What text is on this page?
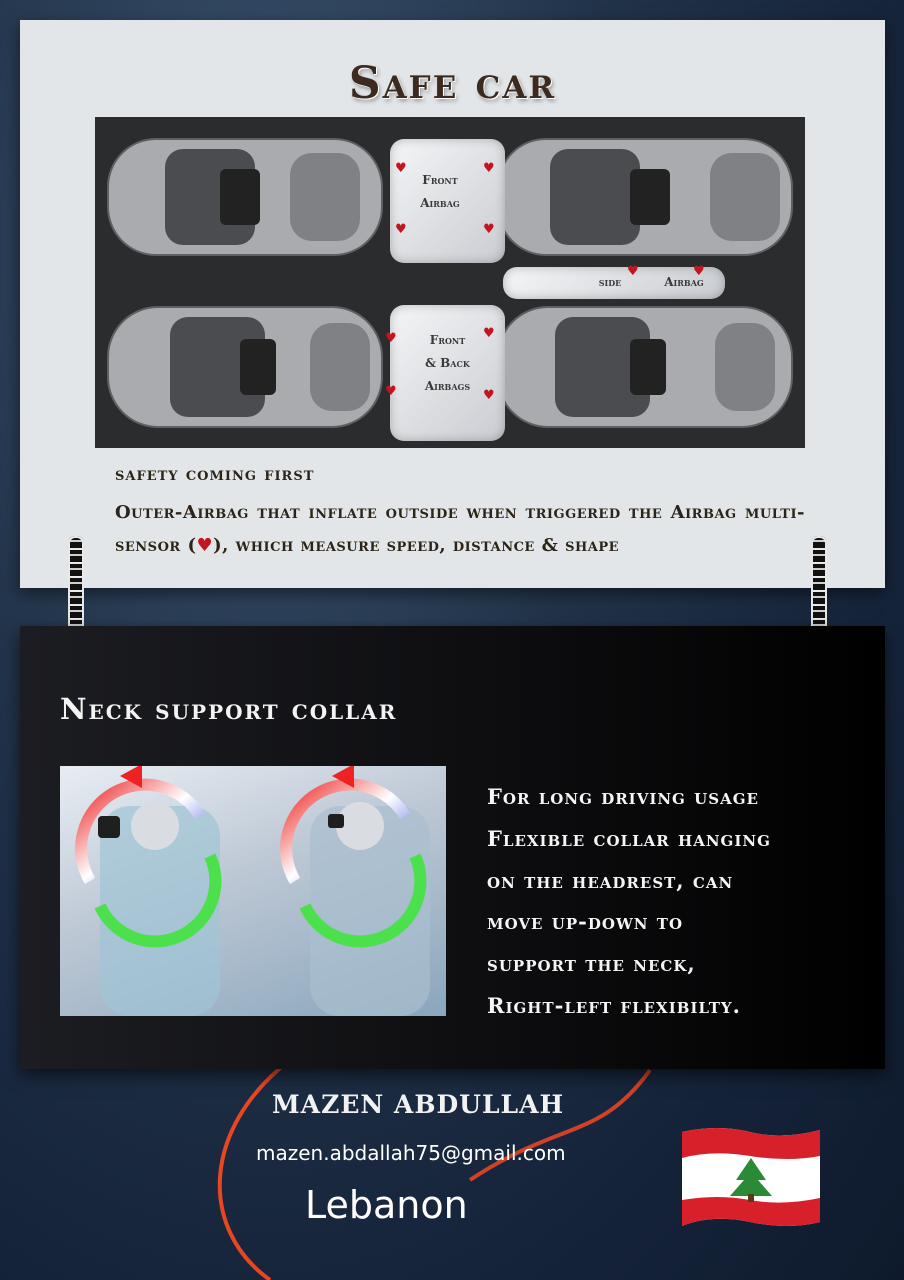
Safe car
Front
Airbag
side	Airbag
Front
& Back
Airbags
♥	♥
♥	♥
♥	♥
♥	♥
♥	♥
safety coming first
Outer-Airbag that inflate outside when triggered the Airbag multi-sensor (♥), which measure speed, distance & shape
Neck support collar
For long driving usage
Flexible collar hanging
on the headrest, can
move up-down to
support the neck,
Right-left flexibilty.
MAZEN ABDULLAH
mazen.abdallah75@gmail.com
Lebanon
